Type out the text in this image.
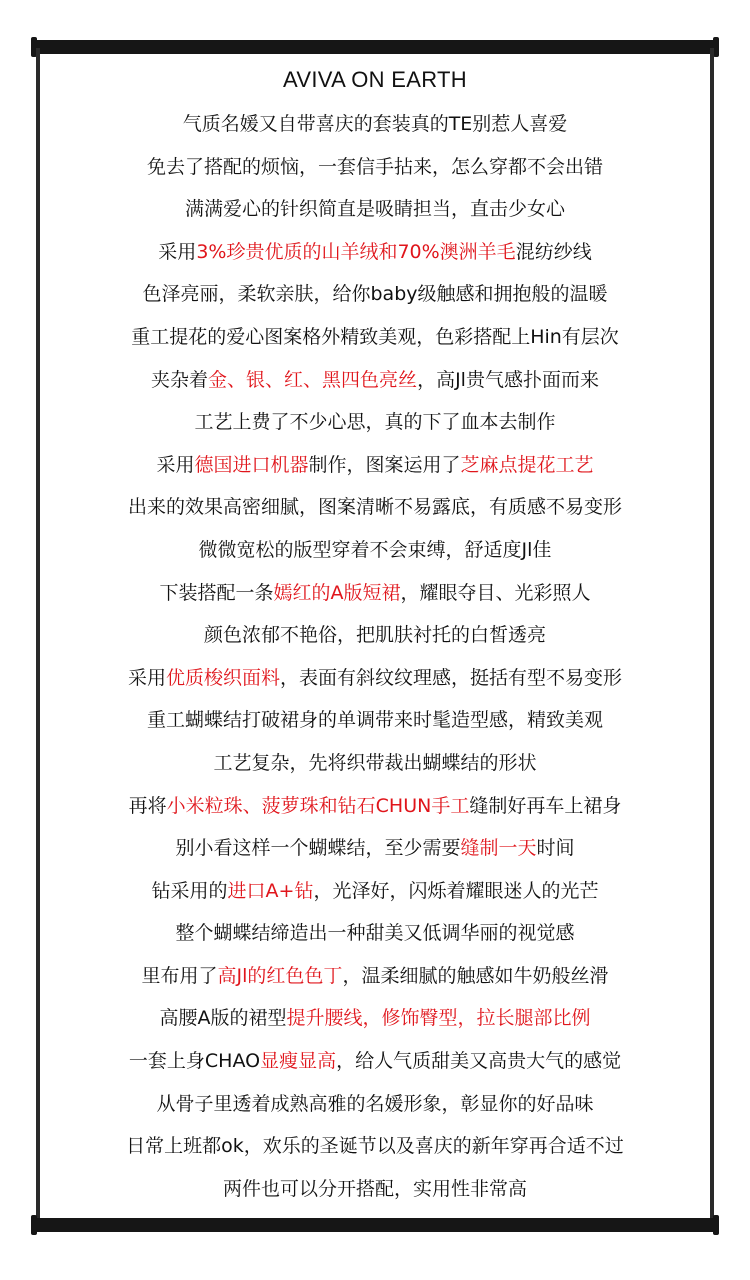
AVIVA ON EARTH
气质名媛又自带喜庆的套装真的TE别惹人喜爱
免去了搭配的烦恼，一套信手拈来，怎么穿都不会出错
满满爱心的针织简直是吸睛担当，直击少女心
采用3%珍贵优质的山羊绒和70%澳洲羊毛混纺纱线
色泽亮丽，柔软亲肤，给你baby级触感和拥抱般的温暖
重工提花的爱心图案格外精致美观，色彩搭配上Hin有层次
夹杂着金、银、红、黑四色亮丝，高Jl贵气感扑面而来
工艺上费了不少心思，真的下了血本去制作
采用德国进口机器制作，图案运用了芝麻点提花工艺
出来的效果高密细腻，图案清晰不易露底，有质感不易变形
微微宽松的版型穿着不会束缚，舒适度Jl佳
下装搭配一条嫣红的A版短裙，耀眼夺目、光彩照人
颜色浓郁不艳俗，把肌肤衬托的白皙透亮
采用优质梭织面料，表面有斜纹纹理感，挺括有型不易变形
重工蝴蝶结打破裙身的单调带来时髦造型感，精致美观
工艺复杂，先将织带裁出蝴蝶结的形状
再将小米粒珠、菠萝珠和钻石CHUN手工缝制好再车上裙身
别小看这样一个蝴蝶结，至少需要缝制一天时间
钻采用的进口A+钻，光泽好，闪烁着耀眼迷人的光芒
整个蝴蝶结缔造出一种甜美又低调华丽的视觉感
里布用了高Jl的红色色丁，温柔细腻的触感如牛奶般丝滑
高腰A版的裙型提升腰线，修饰臀型，拉长腿部比例
一套上身CHAO显瘦显高，给人气质甜美又高贵大气的感觉
从骨子里透着成熟高雅的名媛形象，彰显你的好品味
日常上班都ok，欢乐的圣诞节以及喜庆的新年穿再合适不过
两件也可以分开搭配，实用性非常高
